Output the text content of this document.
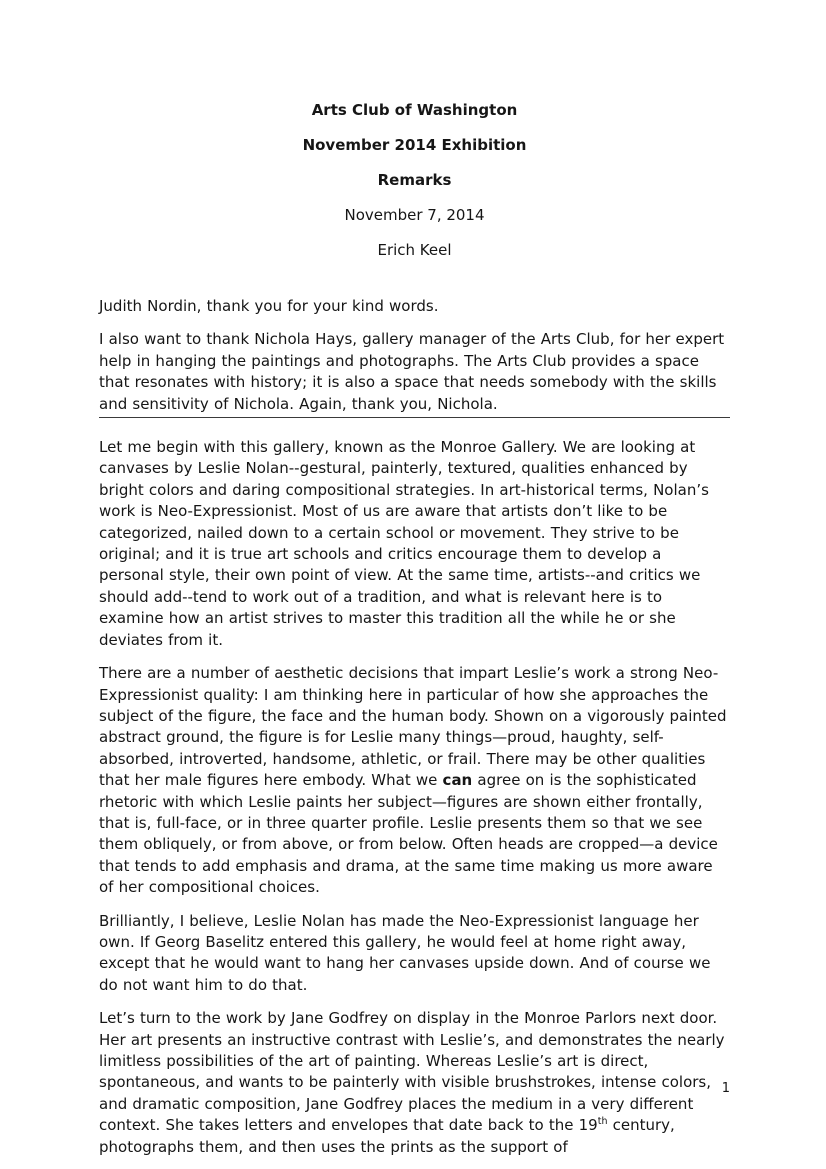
Arts Club of Washington

November 2014 Exhibition

Remarks

November 7, 2014

Erich Keel

Judith Nordin, thank you for your kind words.

I also want to thank Nichola Hays, gallery manager of the Arts Club, for her expert help in hanging the paintings and photographs. The Arts Club provides a space that resonates with history; it is also a space that needs somebody with the skills and sensitivity of Nichola. Again, thank you, Nichola.

Let me begin with this gallery, known as the Monroe Gallery. We are looking at canvases by Leslie Nolan--gestural, painterly, textured, qualities enhanced by bright colors and daring compositional strategies. In art-historical terms, Nolan’s work is Neo-Expressionist. Most of us are aware that artists don’t like to be categorized, nailed down to a certain school or movement. They strive to be original; and it is true art schools and critics encourage them to develop a personal style, their own point of view. At the same time, artists--and critics we should add--tend to work out of a tradition, and what is relevant here is to examine how an artist strives to master this tradition all the while he or she deviates from it.

There are a number of aesthetic decisions that impart Leslie’s work a strong Neo-Expressionist quality: I am thinking here in particular of how she approaches the subject of the figure, the face and the human body. Shown on a vigorously painted abstract ground, the figure is for Leslie many things—proud, haughty, self-absorbed, introverted, handsome, athletic, or frail. There may be other qualities that her male figures here embody. What we can agree on is the sophisticated rhetoric with which Leslie paints her subject—figures are shown either frontally, that is, full-face, or in three quarter profile. Leslie presents them so that we see them obliquely, or from above, or from below. Often heads are cropped—a device that tends to add emphasis and drama, at the same time making us more aware of her compositional choices.

Brilliantly, I believe, Leslie Nolan has made the Neo-Expressionist language her own. If Georg Baselitz entered this gallery, he would feel at home right away, except that he would want to hang her canvases upside down. And of course we do not want him to do that.

Let’s turn to the work by Jane Godfrey on display in the Monroe Parlors next door. Her art presents an instructive contrast with Leslie’s, and demonstrates the nearly limitless possibilities of the art of painting. Whereas Leslie’s art is direct, spontaneous, and wants to be painterly with visible brushstrokes, intense colors, and dramatic composition, Jane Godfrey places the medium in a very different context. She takes letters and envelopes that date back to the 19th century, photographs them, and then uses the prints as the support of

1
